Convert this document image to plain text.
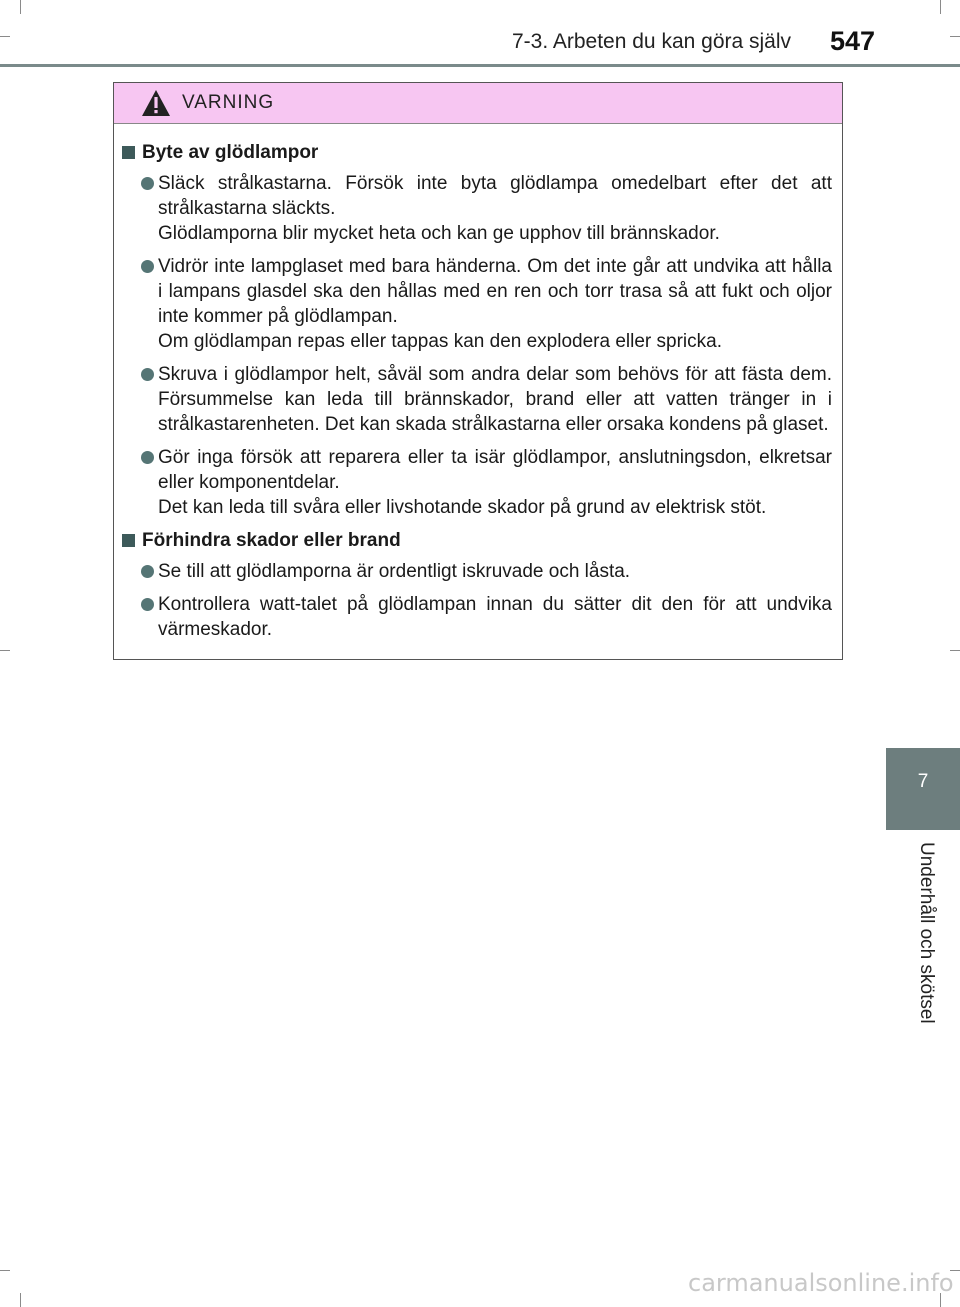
7-3. Arbeten du kan göra själv 547
VARNING
Byte av glödlampor
Släck strålkastarna. Försök inte byta glödlampa omedelbart efter det att strålkastarna släckts.
Glödlamporna blir mycket heta och kan ge upphov till brännskador.
Vidrör inte lampglaset med bara händerna. Om det inte går att undvika att hålla i lampans glasdel ska den hållas med en ren och torr trasa så att fukt och oljor inte kommer på glödlampan.
Om glödlampan repas eller tappas kan den explodera eller spricka.
Skruva i glödlampor helt, såväl som andra delar som behövs för att fästa dem. Försummelse kan leda till brännskador, brand eller att vatten tränger in i strålkastarenheten. Det kan skada strålkastarna eller orsaka kondens på glaset.
Gör inga försök att reparera eller ta isär glödlampor, anslutningsdon, elkretsar eller komponentdelar.
Det kan leda till svåra eller livshotande skador på grund av elektrisk stöt.
Förhindra skador eller brand
Se till att glödlamporna är ordentligt iskruvade och låsta.
Kontrollera watt-talet på glödlampan innan du sätter dit den för att undvika värmeskador.
7
Underhåll och skötsel
carmanualsonline.info
